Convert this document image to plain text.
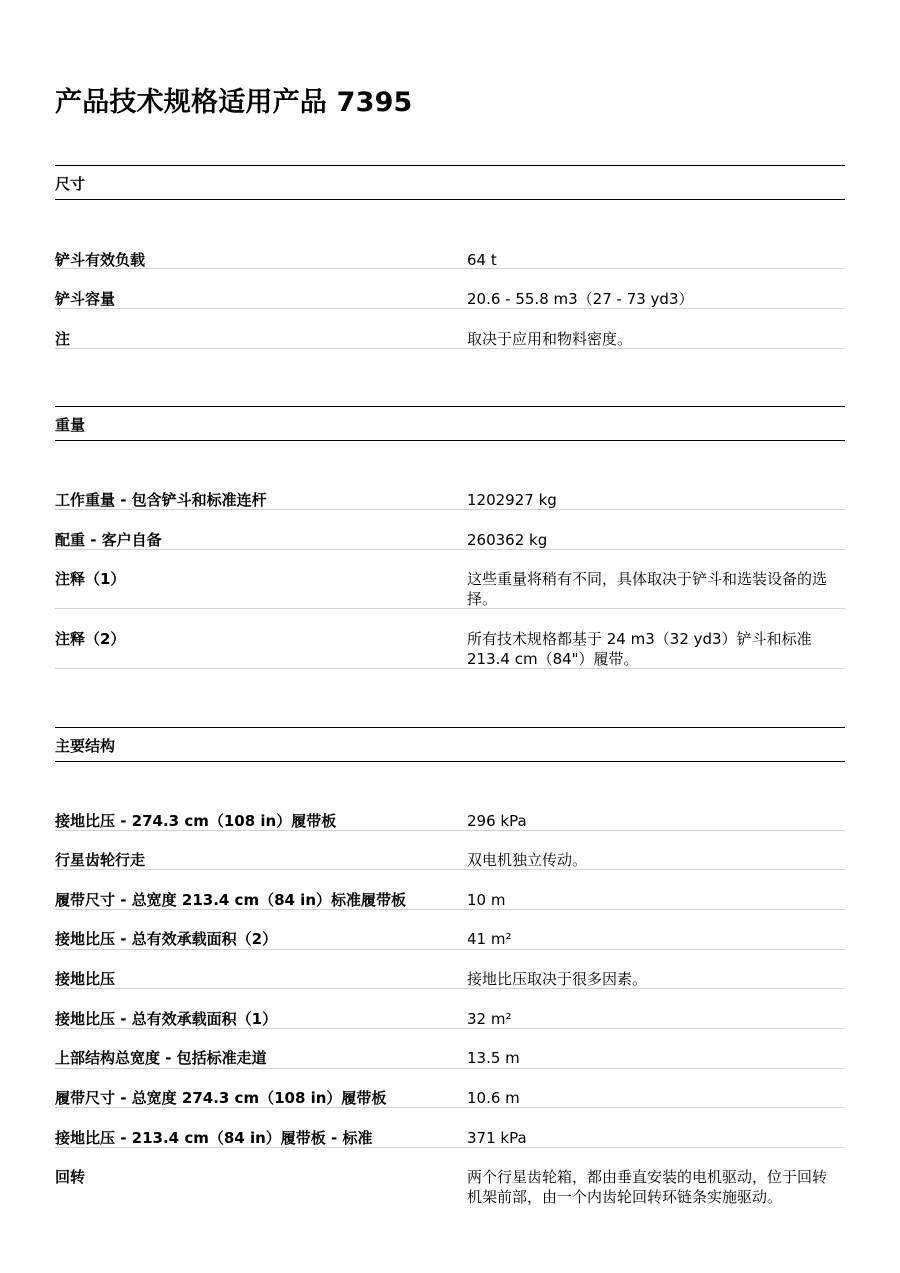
产品技术规格适用产品 7395
尺寸
铲斗有效负载	64 t
铲斗容量	20.6 - 55.8 m3（27 - 73 yd3）
注	取决于应用和物料密度。
重量
工作重量 - 包含铲斗和标准连杆	1202927 kg
配重 - 客户自备	260362 kg
注释（1）	这些重量将稍有不同，具体取决于铲斗和选装设备的选择。
注释（2）	所有技术规格都基于 24 m3（32 yd3）铲斗和标准 213.4 cm（84"）履带。
主要结构
接地比压 - 274.3 cm（108 in）履带板	296 kPa
行星齿轮行走	双电机独立传动。
履带尺寸 - 总宽度 213.4 cm（84 in）标准履带板	10 m
接地比压 - 总有效承载面积（2）	41 m²
接地比压	接地比压取决于很多因素。
接地比压 - 总有效承载面积（1）	32 m²
上部结构总宽度 - 包括标准走道	13.5 m
履带尺寸 - 总宽度 274.3 cm（108 in）履带板	10.6 m
接地比压 - 213.4 cm（84 in）履带板 - 标准	371 kPa
回转	两个行星齿轮箱，都由垂直安装的电机驱动，位于回转机架前部，由一个内齿轮回转环链条实施驱动。
